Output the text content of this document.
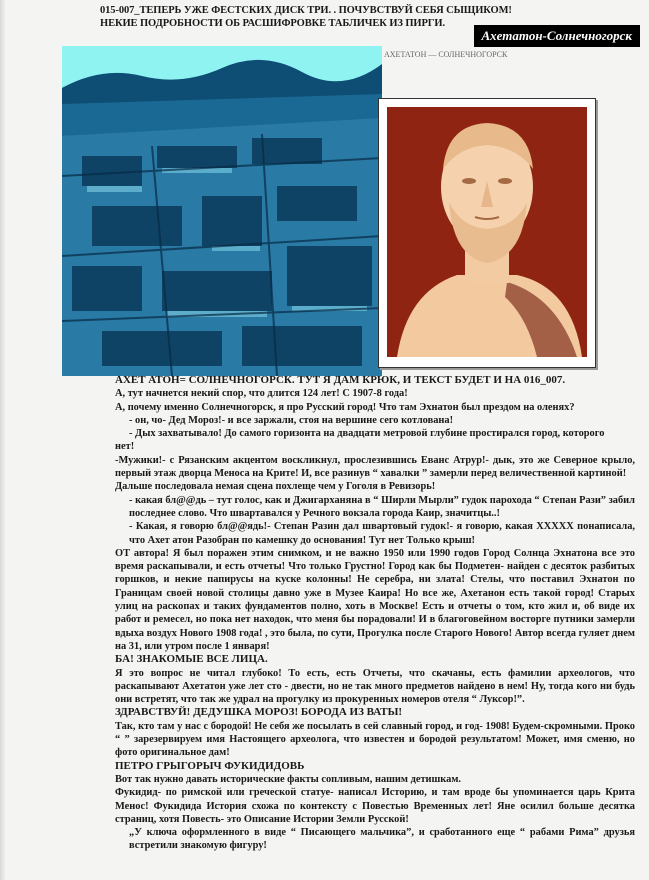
015-007_ТЕПЕРЬ УЖЕ ФЕСТСКИХ ДИСК ТРИ. . ПОЧУВСТВУЙ СЕБЯ СЫЩИКОМ!
НЕКИЕ ПОДРОБНОСТИ ОБ РАСШИФРОВКЕ ТАБЛИЧЕК ИЗ ПИРГИ.
АХЕТАТОН — СОЛНЕЧНОГОРСК
Ахетатон-Солнечногорск

АХЕТ АТОН= СОЛНЕЧНОГОРСК. ТУТ Я ДАМ КРЮК, И ТЕКСТ БУДЕТ И НА 016_007.

А, тут начнется некий спор, что длится 124 лет! С 1907-8 года!

А, почему именно Солнечногорск, я про Русский город! Что там Эхнатон был прездом на оленях?

- он, чо- Дед Мороз!- и все заржали, стоя на вершине сего котлована!

- Дых захватывало! До самого горизонта на двадцати метровой глубине простирался город, которого

нет!

-Мужики!- с Рязанским акцентом воскликнул, прослезившись Еванс Атруp!- дык, это же Северное крыло, первый этаж дворца Меноса на Крите! И, все разинув “ хавалки ” замерли перед величественной картиной!

Дальше последовала немая сцена похлеще чем у Гоголя в Ревизорь!

- какая бл@@дь – тут голос, как и Джигарханяна в “ Ширли Мырли” гудок парохода “ Степан Рази” забил последнее слово. Что швартавался у Речного вокзала города Каир, значитцы..!

- Какая, я говорю бл@@ядь!- Степан Разин дал швартовый гудок!- я говорю, какая XXXXX понаписала, что Ахет атон Разобран по камешку до основания! Тут нет Только крыш!

ОТ автора! Я был поражен этим снимком, и не важно 1950 или 1990 годов Город Солнца Эхнатона все это время раскапывали, и есть отчеты! Что только Грустно! Город как бы Подметен- найден с десяток разбитых горшков, и некие папирусы на куске колонны! Не серебра, ни злата! Стелы, что поставил Эхнатон по Границам своей новой столицы давно уже в Музее Каира! Но все же, Ахетанон есть такой город! Старых улиц на раскопах и таких фундаментов полно, хоть в Москве! Есть и отчеты о том, кто жил и, об виде их работ и ремесел, но пока нет находок, что меня бы порадовали! И в благоговейном восторге путники замерли вдыха воздух Нового 1908 года! , это была, по сути, Прогулка после Старого Нового! Автор всегда гуляет днем на 31, или утром после 1 января!

БА! ЗНАКОМЫЕ ВСЕ ЛИЦА.

Я это вопрос не читал глубоко! То есть, есть Отчеты, что скачаны, есть фамилии археологов, что раскапывают Ахетатон уже лет сто - двести, но не так много предметов найдено в нем! Ну, тогда кого ни будь они встретят, что так же удрал на прогулку из прокуренных номеров отеля “ Луксор!”.

ЗДРАВСТВУЙ! ДЕДУШКА МОРОЗ! БОРОДА ИЗ ВАТЫ!

Так, кто там у нас с бородой! Не себя же посылать в сей славный город, и год- 1908! Будем-скромными. Проко “ ” зарезервируем имя Настоящего археолога, что известен и бородой результатом! Может, имя сменю, но фото оригинальное дам!

ПЕТРО ГРЫГОРЫЧ ФУКИДИДОВЬ

Вот так нужно давать исторические факты сопливым, нашим детишкам.

Фукидид- по римской или греческой статуе- написал Историю, и там вроде бы упоминается царь Крита Менос! Фукидида История схожа по контексту с Повестью Временных лет! Яне осилил больше десятка страниц, хотя Повесть- это Описание Истории Земли Русской!

„У ключа оформленного в виде “ Писающего мальчика”, и сработанного еще “ рабами Рима” друзья встретили знакомую фигуру!
